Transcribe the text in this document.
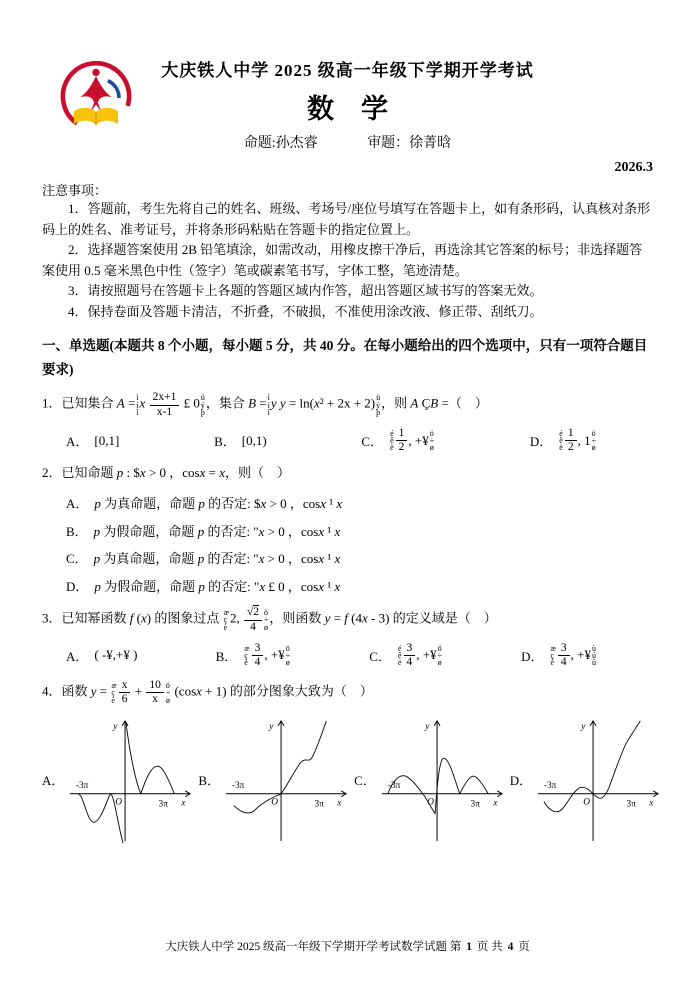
大庆铁人中学 2025 级高一年级下学期开学考试
数　学
命题:孙杰睿	审题：徐菁晗
2026.3
注意事项：

1．答题前，考生先将自己的姓名、班级、考场号/座位号填写在答题卡上，如有条形码，认真核对条形码上的姓名、准考证号，并将条形码粘贴在答题卡的指定位置上。

2．选择题答案使用 2B 铅笔填涂，如需改动，用橡皮擦干净后，再选涂其它答案的标号；非选择题答案使用 0.5 毫米黑色中性（签字）笔或碳素笔书写，字体工整，笔迹清楚。

3．请按照题号在答题卡上各题的答题区域内作答，超出答题区域书写的答案无效。

4．保持卷面及答题卡清洁，不折叠，不破损，不准使用涂改液、修正带、刮纸刀。

一、单选题(本题共 8 个小题，每小题 5 分，共 40 分。在每小题给出的四个选项中，只有一项符合题目要求)
1．已知集合 A = ì
í
î
x $\frac{2x+1}{x-1}$ £ 0 ü
ý
þ
，集合 B = ì
í
î
y y = ln(x² + 2x + 2) ü
ý
þ
，则 A ÇB =（　）
A． [0,1]	B． [0,1)	C．
é
ê
ë $\frac{1}{2}$ , +¥ ö
÷
ø	D．
é
ê
ë $\frac{1}{2}$ , 1 ö
÷
ø
2．已知命题 p : $x > 0 ，cosx = x，则（　）
A． p 为真命题，命题 p 的否定: $x > 0 ，cosx ¹ x
B． p 为假命题，命题 p 的否定: "x > 0 ，cosx ¹ x
C． p 为真命题，命题 p 的否定: "x > 0 ，cosx ¹ x
D． p 为假命题，命题 p 的否定: "x £ 0 ，cosx ¹ x
3．已知幂函数 f (x) 的图象过点 æ
ç
è
2, $\frac{√2}{4}$ ö
÷
ø
，则函数 y = f (4x - 3) 的定义域是（　）
A． ( -¥,+¥ )	B．
æ
ç
è $\frac{3}{4}$ , +¥ ö
÷
ø	C．
é
ê
ë $\frac{3}{4}$ , +¥ ö
÷
ø	D．
æ
ç
è $\frac{3}{4}$ , +¥ ù
ú
û
4．函数 y = æ
ç
è $\frac{x}{6} + \frac{10}{x}$ ö
÷
ø
(cosx + 1) 的部分图象大致为（　）
A．
y
x
O
-3π
3π
B．
y
x
O
-3π
3π
C．
y
x
O
-3π
3π
D．
y
x
O
-3π
3π
大庆铁人中学 2025 级高一年级下学期开学考试数学试题 第 1 页 共 4 页
